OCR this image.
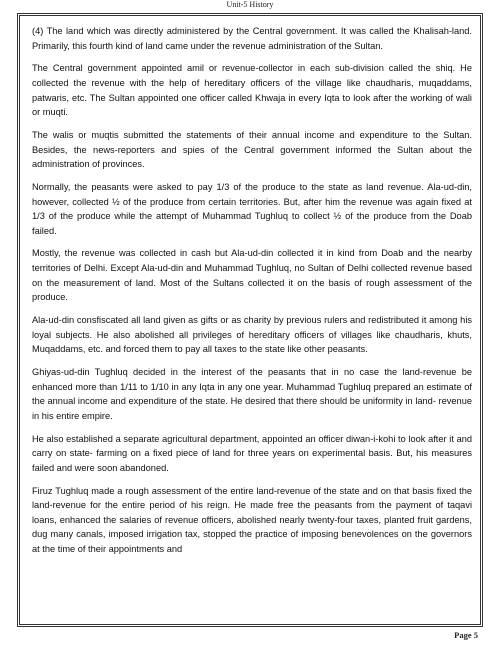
Unit-5 History

(4) The land which was directly administered by the Central government. It was called the Khalisah-land. Primarily, this fourth kind of land came under the revenue administration of the Sultan.

The Central government appointed amil or revenue-collector in each sub-division called the shiq. He collected the revenue with the help of hereditary officers of the village like chaudharis, muqaddams, patwaris, etc. The Sultan appointed one officer called Khwaja in every Iqta to look after the working of wali or muqti.

The walis or muqtis submitted the statements of their annual income and expenditure to the Sultan. Besides, the news-reporters and spies of the Central government informed the Sultan about the administration of provinces.

Normally, the peasants were asked to pay 1/3 of the produce to the state as land revenue. Ala-ud-din, however, collected ½ of the produce from certain territories. But, after him the revenue was again fixed at 1/3 of the produce while the attempt of Muhammad Tughluq to collect ½ of the produce from the Doab failed.

Mostly, the revenue was collected in cash but Ala-ud-din collected it in kind from Doab and the nearby territories of Delhi. Except Ala-ud-din and Muhammad Tughluq, no Sultan of Delhi collected revenue based on the measurement of land. Most of the Sultans collected it on the basis of rough assessment of the produce.

Ala-ud-din consfiscated all land given as gifts or as charity by previous rulers and redistributed it among his loyal subjects. He also abolished all privileges of hereditary officers of villages like chaudharis, khuts, Muqaddams, etc. and forced them to pay all taxes to the state like other peasants.

Ghiyas-ud-din Tughluq decided in the interest of the peasants that in no case the land-revenue be enhanced more than 1/11 to 1/10 in any Iqta in any one year. Muhammad Tughluq prepared an estimate of the annual income and expenditure of the state. He desired that there should be uniformity in land- revenue in his entire empire.

He also established a separate agricultural department, appointed an officer diwan-i-kohi to look after it and carry on state- farming on a fixed piece of land for three years on experimental basis. But, his measures failed and were soon abandoned.

Firuz Tughluq made a rough assessment of the entire land-revenue of the state and on that basis fixed the land-revenue for the entire period of his reign. He made free the peasants from the payment of taqavi loans, enhanced the salaries of revenue officers, abolished nearly twenty-four taxes, planted fruit gardens, dug many canals, imposed irrigation tax, stopped the practice of imposing benevolences on the governors at the time of their appointments and

Page 5
